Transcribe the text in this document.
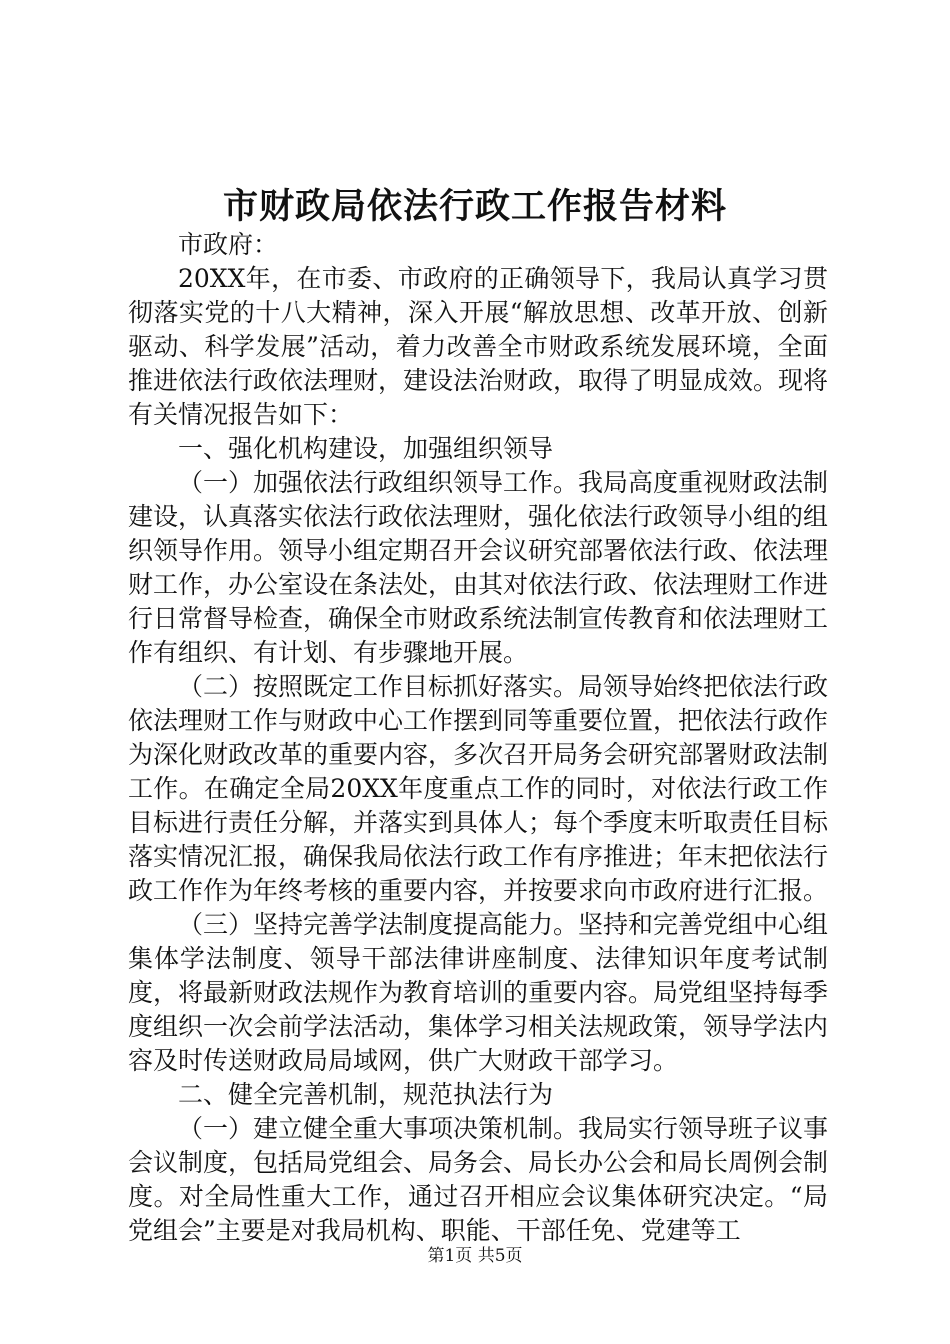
市财政局依法行政工作报告材料

市政府：

20XX年，在市委、市政府的正确领导下，我局认真学习贯彻落实党的十八大精神，深入开展“解放思想、改革开放、创新驱动、科学发展”活动，着力改善全市财政系统发展环境，全面推进依法行政依法理财，建设法治财政，取得了明显成效。现将有关情况报告如下：

一、强化机构建设，加强组织领导

（一）加强依法行政组织领导工作。我局高度重视财政法制建设，认真落实依法行政依法理财，强化依法行政领导小组的组织领导作用。领导小组定期召开会议研究部署依法行政、依法理财工作，办公室设在条法处，由其对依法行政、依法理财工作进行日常督导检查，确保全市财政系统法制宣传教育和依法理财工作有组织、有计划、有步骤地开展。

（二）按照既定工作目标抓好落实。局领导始终把依法行政依法理财工作与财政中心工作摆到同等重要位置，把依法行政作为深化财政改革的重要内容，多次召开局务会研究部署财政法制工作。在确定全局20XX年度重点工作的同时，对依法行政工作目标进行责任分解，并落实到具体人；每个季度末听取责任目标落实情况汇报，确保我局依法行政工作有序推进；年末把依法行政工作作为年终考核的重要内容，并按要求向市政府进行汇报。

（三）坚持完善学法制度提高能力。坚持和完善党组中心组集体学法制度、领导干部法律讲座制度、法律知识年度考试制度，将最新财政法规作为教育培训的重要内容。局党组坚持每季度组织一次会前学法活动，集体学习相关法规政策，领导学法内容及时传送财政局局域网，供广大财政干部学习。

二、健全完善机制，规范执法行为

（一）建立健全重大事项决策机制。我局实行领导班子议事会议制度，包括局党组会、局务会、局长办公会和局长周例会制度。对全局性重大工作，通过召开相应会议集体研究决定。“局党组会”主要是对我局机构、职能、干部任免、党建等工

第1页 共5页
